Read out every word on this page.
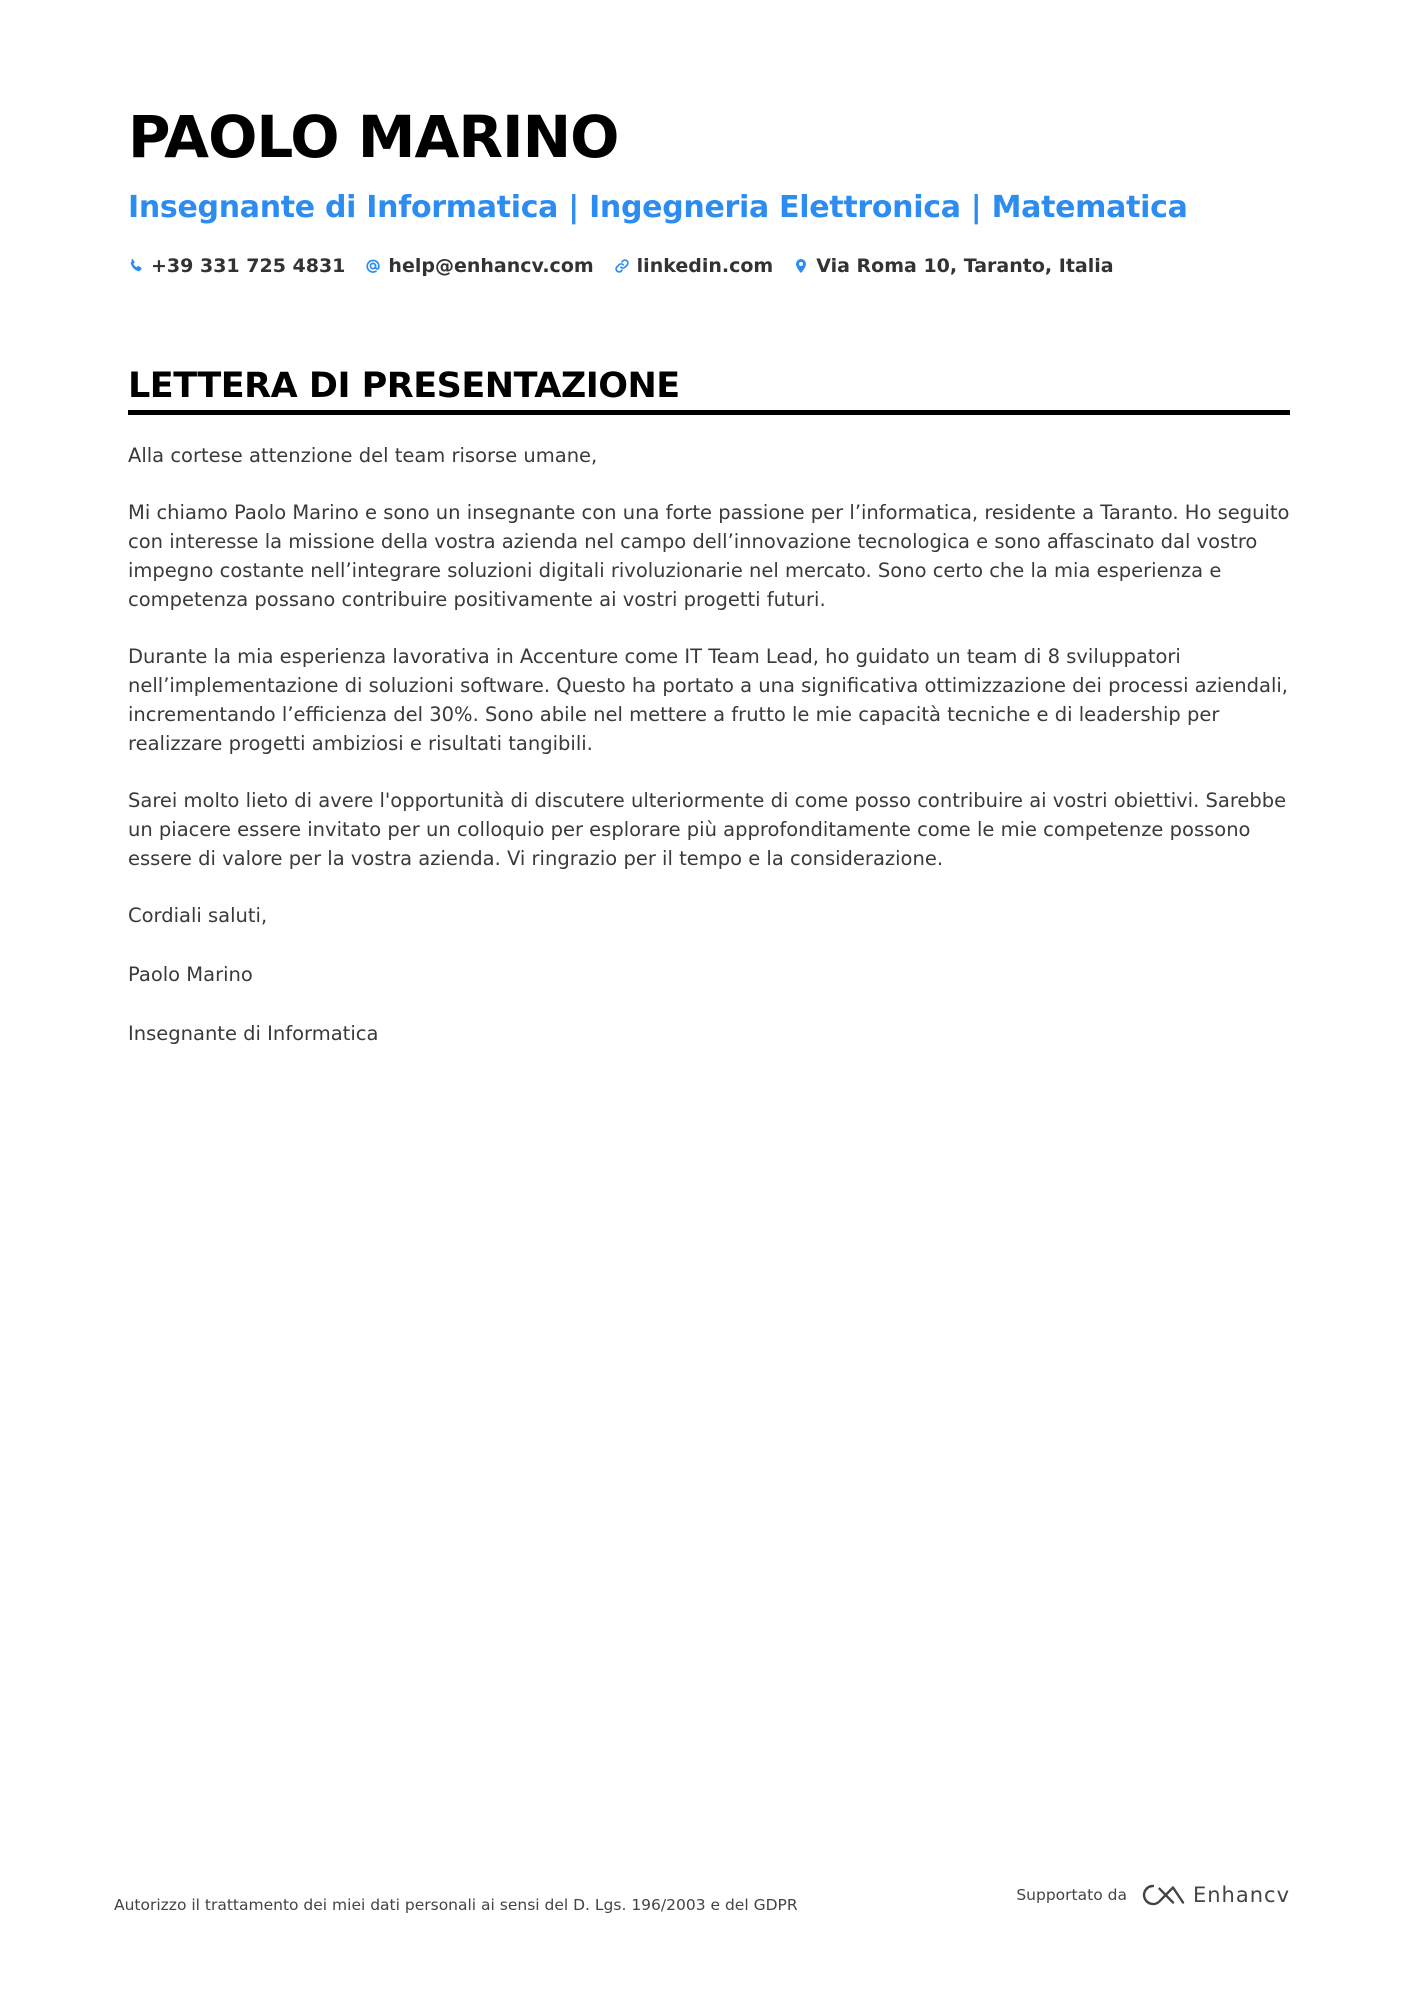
PAOLO MARINO
Insegnante di Informatica | Ingegneria Elettronica | Matematica
+39 331 725 4831 help@enhancv.com linkedin.com Via Roma 10, Taranto, Italia
LETTERA DI PRESENTAZIONE

Alla cortese attenzione del team risorse umane,

Mi chiamo Paolo Marino e sono un insegnante con una forte passione per l’informatica, residente a Taranto. Ho seguito con interesse la missione della vostra azienda nel campo dell’innovazione tecnologica e sono affascinato dal vostro impegno costante nell’integrare soluzioni digitali rivoluzionarie nel mercato. Sono certo che la mia esperienza e competenza possano contribuire positivamente ai vostri progetti futuri.

Durante la mia esperienza lavorativa in Accenture come IT Team Lead, ho guidato un team di 8 sviluppatori nell’implementazione di soluzioni software. Questo ha portato a una significativa ottimizzazione dei processi aziendali, incrementando l’efficienza del 30%. Sono abile nel mettere a frutto le mie capacità tecniche e di leadership per realizzare progetti ambiziosi e risultati tangibili.

Sarei molto lieto di avere l'opportunità di discutere ulteriormente di come posso contribuire ai vostri obiettivi. Sarebbe un piacere essere invitato per un colloquio per esplorare più approfonditamente come le mie competenze possono essere di valore per la vostra azienda. Vi ringrazio per il tempo e la considerazione.

Cordiali saluti,

Paolo Marino

Insegnante di Informatica

Autorizzo il trattamento dei miei dati personali ai sensi del D. Lgs. 196/2003 e del GDPR
Supportato da	Enhancv
